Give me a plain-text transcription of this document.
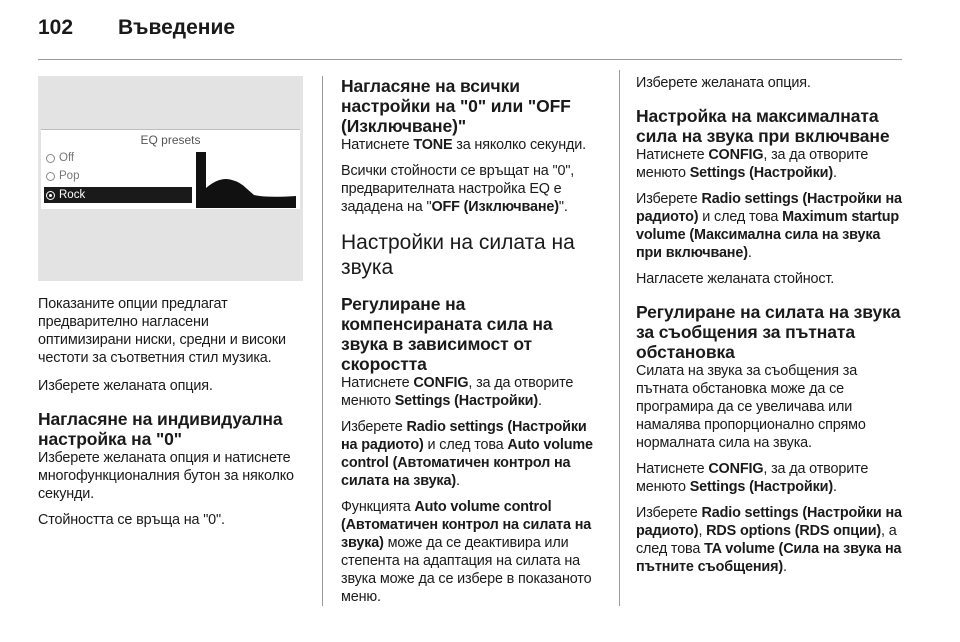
102	Въведение
EQ presets
Off
Pop
Rock

Показаните опции предлагат предварително нагласени оптимизирани ниски, средни и високи честоти за съответния стил музика.

Изберете желаната опция.

Нагласяне на индивидуална настройка на "0"

Изберете желаната опция и натиснете многофункционалния бутон за няколко секунди.

Стойността се връща на "0".

Нагласяне на всички настройки на "0" или "OFF (Изключване)"

Натиснете TONE за няколко секунди.

Всички стойности се връщат на "0", предварителната настройка EQ е зададена на "OFF (Изключване)".

Настройки на силата на звука
Регулиране на компенсираната сила на звука в зависимост от скоростта

Натиснете CONFIG, за да отворите менюто Settings (Настройки).

Изберете Radio settings (Настройки на радиото) и след това Auto volume control (Автоматичен контрол на силата на звука).

Функцията Auto volume control (Автоматичен контрол на силата на звука) може да се деактивира или степента на адаптация на силата на звука може да се избере в показаното меню.

Изберете желаната опция.

Настройка на максималната сила на звука при включване

Натиснете CONFIG, за да отворите менюто Settings (Настройки).

Изберете Radio settings (Настройки на радиото) и след това Maximum startup volume (Максимална сила на звука при включване).

Нагласете желаната стойност.

Регулиране на силата на звука за съобщения за пътната обстановка

Силата на звука за съобщения за пътната обстановка може да се програмира да се увеличава или намалява пропорционално спрямо нормалната сила на звука.

Натиснете CONFIG, за да отворите менюто Settings (Настройки).

Изберете Radio settings (Настройки на радиото), RDS options (RDS опции), а след това TA volume (Сила на звука на пътните съобщения).
